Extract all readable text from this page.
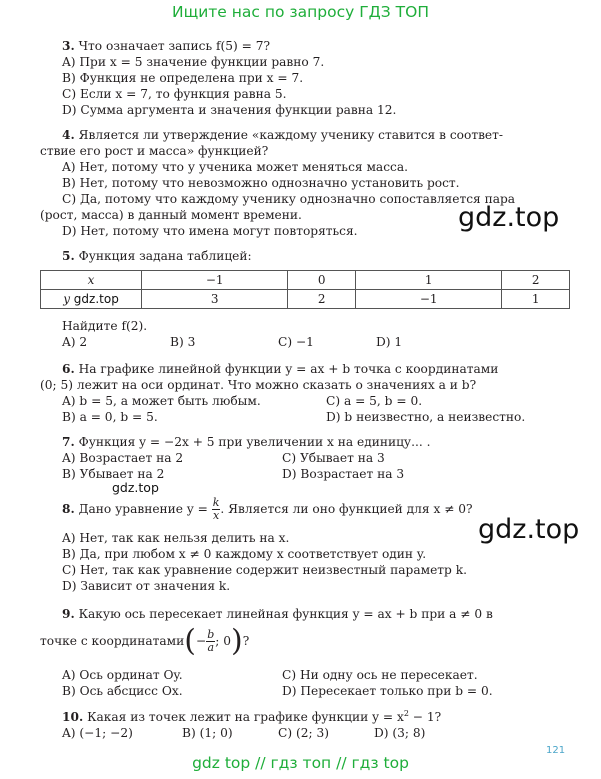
Ищите нас по запросу ГДЗ ТОП
3. Что означает запись f(5) = 7?
A) При x = 5 значение функции равно 7.
B) Функция не определена при x = 7.
C) Если x = 7, то функция равна 5.
D) Сумма аргумента и значения функции равна 12.
4. Является ли утверждение «каждому ученику ставится в соответ-
ствие его рост и масса» функцией?
A) Нет, потому что у ученика может меняться масса.
B) Нет, потому что невозможно однозначно установить рост.
C) Да, потому что каждому ученику однозначно сопоставляется пара
(рост, масса) в данный момент времени.
D) Нет, потому что имена могут повторяться.	gdz.top
5. Функция задана таблицей:
x	−1	0	1	2
y gdz.top	3	2	−1	1
Найдите f(2).
A) 2	B) 3	C) −1	D) 1
6. На графике линейной функции y = ax + b точка с координатами
(0; 5) лежит на оси ординат. Что можно сказать о значениях a и b?
A) b = 5, a может быть любым.	C) a = 5, b = 0.
B) a = 0, b = 5.	D) b неизвестно, a неизвестно.
7. Функция y = −2x + 5 при увеличении x на единицу... .
A) Возрастает на 2	C) Убывает на 3
B) Убывает на 2	D) Возрастает на 3
gdz.top
8. Дано уравнение $y = \frac{k}{x}$ . Является ли оно функцией для x ≠ 0?
A) Нет, так как нельзя делить на x.
B) Да, при любом x ≠ 0 каждому x соответствует один y.
C) Нет, так как уравнение содержит неизвестный параметр k.
D) Зависит от значения k.
gdz.top
9. Какую ось пересекает линейная функция y = ax + b при a ≠ 0 в
точке с координатами(− $\frac{b}{a}$ ; 0)?
A) Ось ординат Oy.	C) Ни одну ось не пересекает.
B) Ось абсцисс Ox.	D) Пересекает только при b = 0.
10. Какая из точек лежит на графике функции $y = x^2 - 1$?
A) (−1; −2)	B) (1; 0)	C) (2; 3)	D) (3; 8)
121
gdz top // гдз топ // гдз top
